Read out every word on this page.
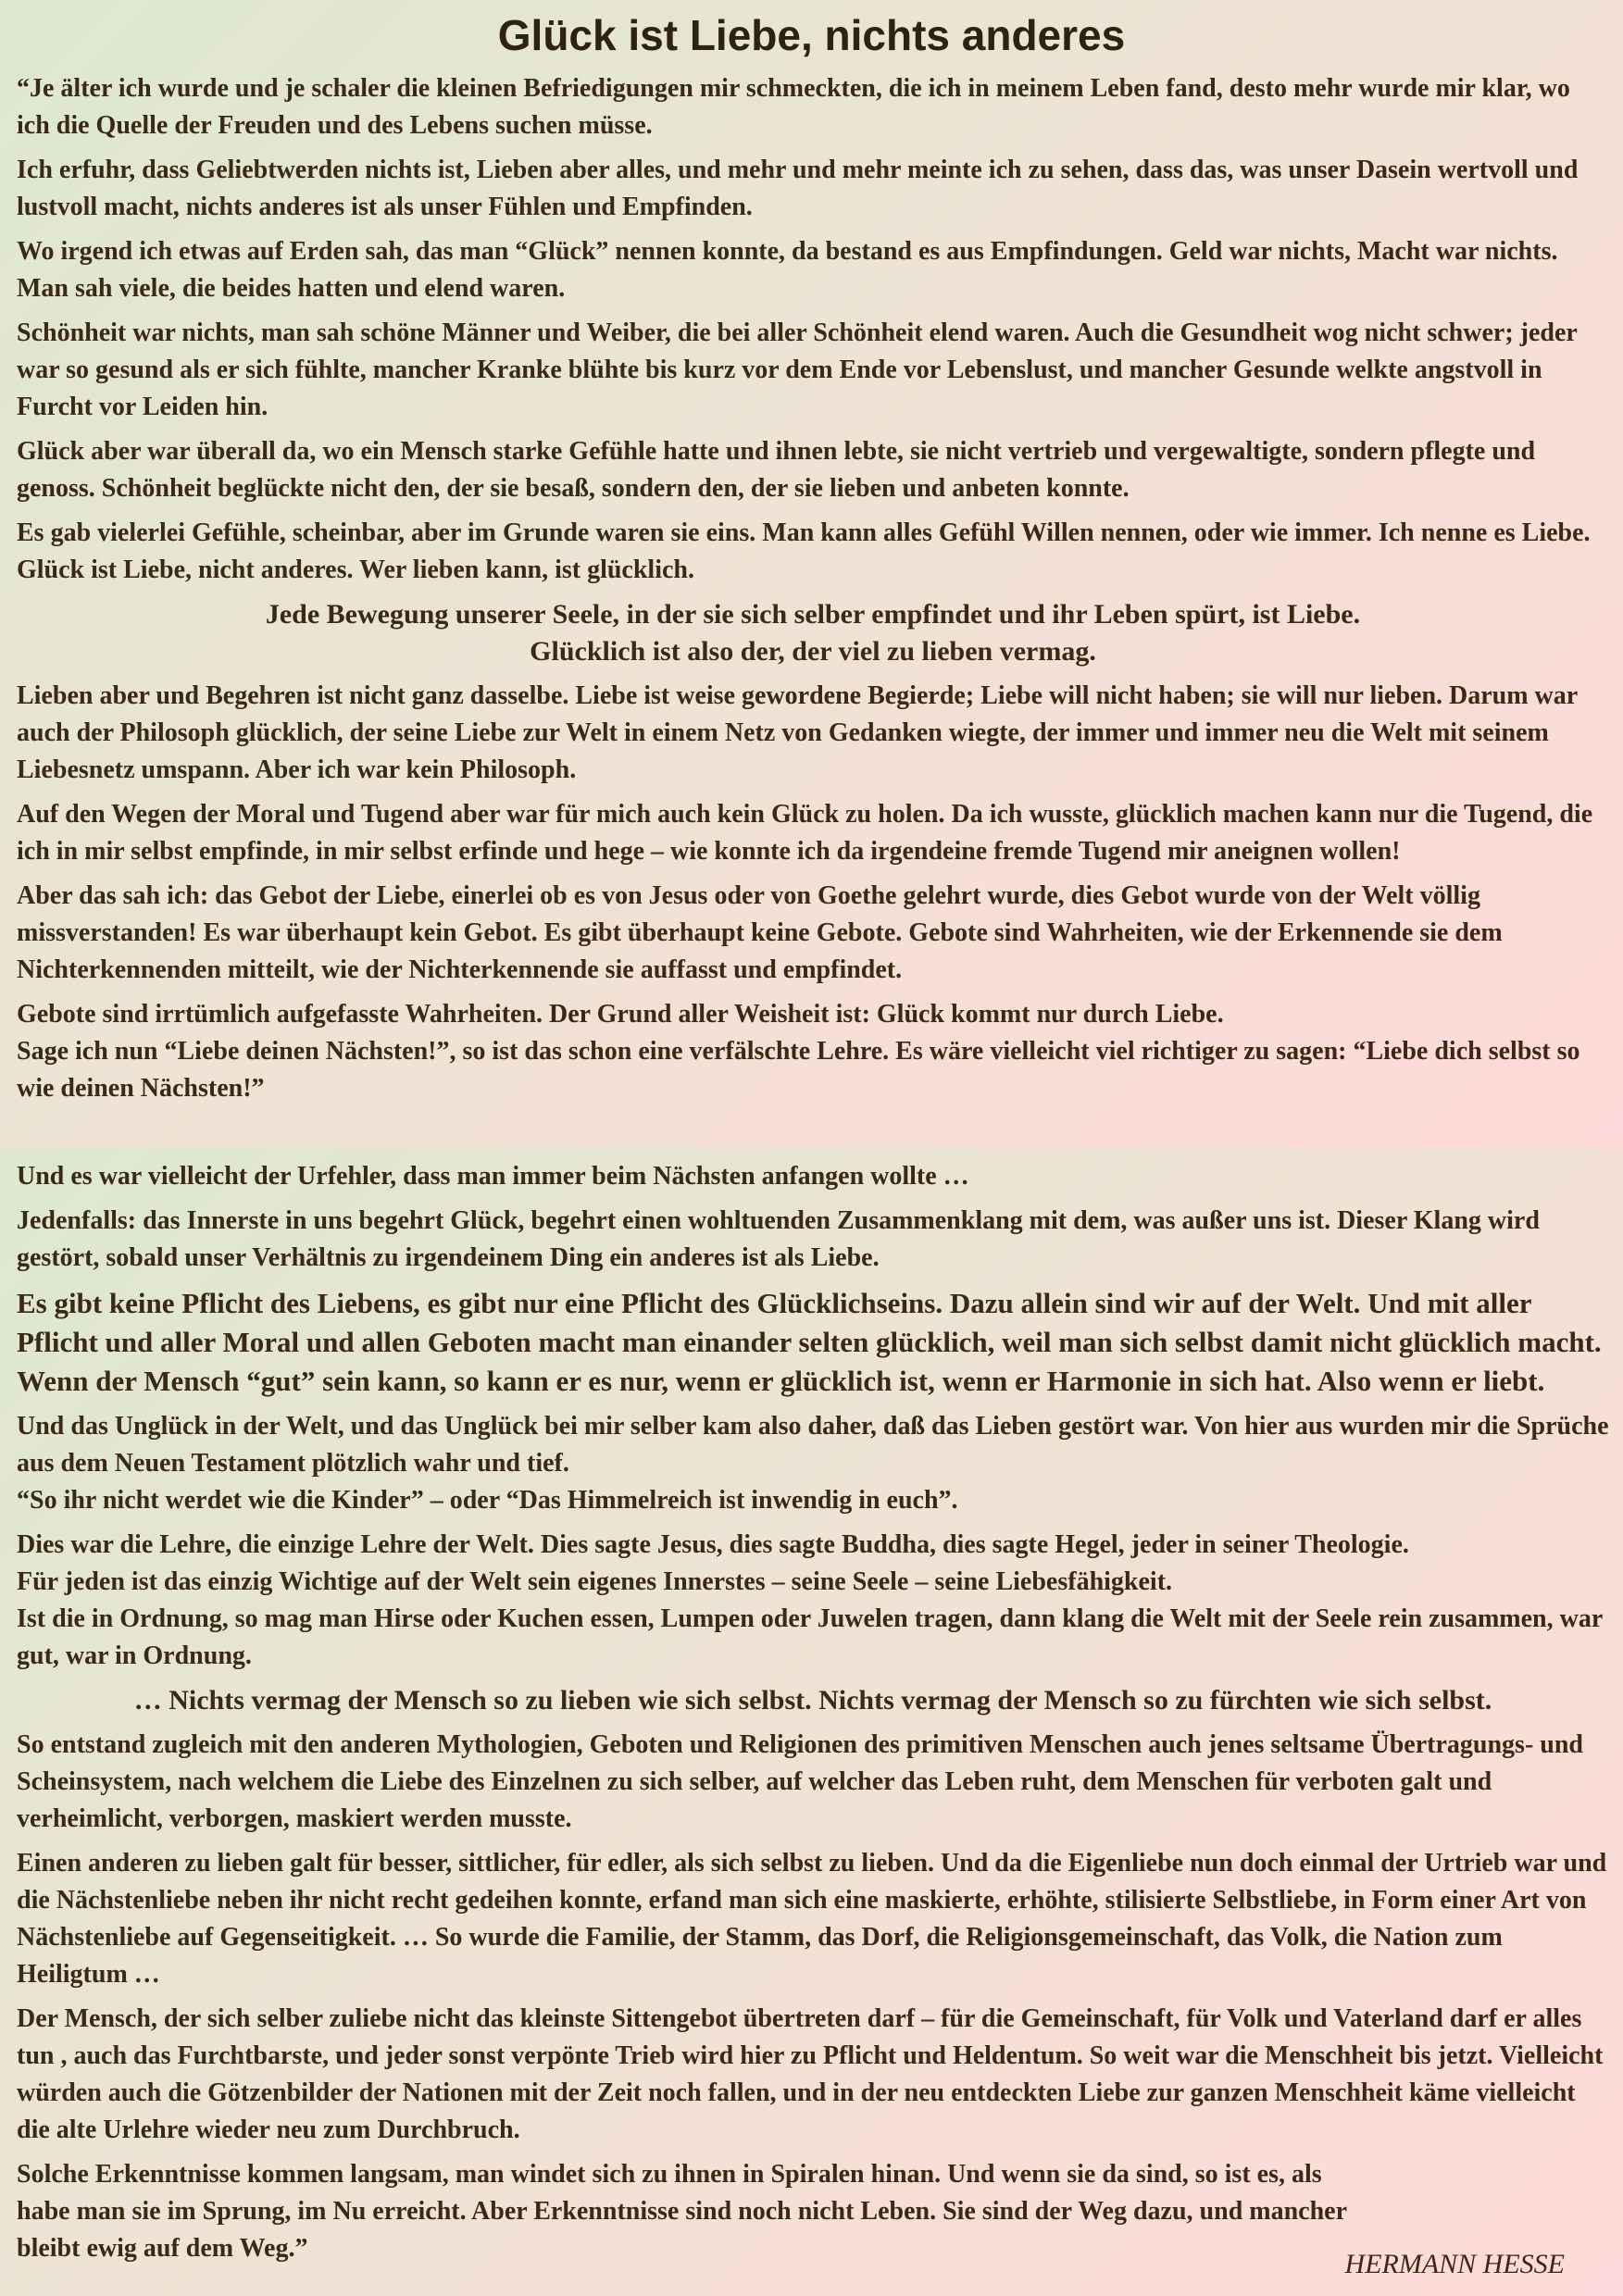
Glück ist Liebe, nichts anderes

“Je älter ich wurde und je schaler die kleinen Befriedigungen mir schmeckten, die ich in meinem Leben fand, desto mehr wurde mir klar, wo ich die Quelle der Freuden und des Lebens suchen müsse.

Ich erfuhr, dass Geliebtwerden nichts ist, Lieben aber alles, und mehr und mehr meinte ich zu sehen, dass das, was unser Dasein wertvoll und lustvoll macht, nichts anderes ist als unser Fühlen und Empfinden.

Wo irgend ich etwas auf Erden sah, das man “Glück” nennen konnte, da bestand es aus Empfindungen. Geld war nichts, Macht war nichts. Man sah viele, die beides hatten und elend waren.

Schönheit war nichts, man sah schöne Männer und Weiber, die bei aller Schönheit elend waren. Auch die Gesundheit wog nicht schwer; jeder war so gesund als er sich fühlte, mancher Kranke blühte bis kurz vor dem Ende vor Lebenslust, und mancher Gesunde welkte angstvoll in Furcht vor Leiden hin.

Glück aber war überall da, wo ein Mensch starke Gefühle hatte und ihnen lebte, sie nicht vertrieb und vergewaltigte, sondern pflegte und genoss. Schönheit beglückte nicht den, der sie besaß, sondern den, der sie lieben und anbeten konnte.

Es gab vielerlei Gefühle, scheinbar, aber im Grunde waren sie eins. Man kann alles Gefühl Willen nennen, oder wie immer. Ich nenne es Liebe. Glück ist Liebe, nicht anderes. Wer lieben kann, ist glücklich.

Jede Bewegung unserer Seele, in der sie sich selber empfindet und ihr Leben spürt, ist Liebe.

Glücklich ist also der, der viel zu lieben vermag.

Lieben aber und Begehren ist nicht ganz dasselbe. Liebe ist weise gewordene Begierde; Liebe will nicht haben; sie will nur lieben. Darum war auch der Philosoph glücklich, der seine Liebe zur Welt in einem Netz von Gedanken wiegte, der immer und immer neu die Welt mit seinem Liebesnetz umspann. Aber ich war kein Philosoph.

Auf den Wegen der Moral und Tugend aber war für mich auch kein Glück zu holen. Da ich wusste, glücklich machen kann nur die Tugend, die ich in mir selbst empfinde, in mir selbst erfinde und hege – wie konnte ich da irgendeine fremde Tugend mir aneignen wollen!

Aber das sah ich: das Gebot der Liebe, einerlei ob es von Jesus oder von Goethe gelehrt wurde, dies Gebot wurde von der Welt völlig missverstanden! Es war überhaupt kein Gebot. Es gibt überhaupt keine Gebote. Gebote sind Wahrheiten, wie der Erkennende sie dem Nichterkennenden mitteilt, wie der Nichterkennende sie auffasst und empfindet.

Gebote sind irrtümlich aufgefasste Wahrheiten. Der Grund aller Weisheit ist: Glück kommt nur durch Liebe.

Sage ich nun “Liebe deinen Nächsten!”, so ist das schon eine verfälschte Lehre. Es wäre vielleicht viel richtiger zu sagen: “Liebe dich selbst so wie deinen Nächsten!”

Und es war vielleicht der Urfehler, dass man immer beim Nächsten anfangen wollte …

Jedenfalls: das Innerste in uns begehrt Glück, begehrt einen wohltuenden Zusammenklang mit dem, was außer uns ist. Dieser Klang wird gestört, sobald unser Verhältnis zu irgendeinem Ding ein anderes ist als Liebe.

Es gibt keine Pflicht des Liebens, es gibt nur eine Pflicht des Glücklichseins. Dazu allein sind wir auf der Welt. Und mit aller Pflicht und aller Moral und allen Geboten macht man einander selten glücklich, weil man sich selbst damit nicht glücklich macht. Wenn der Mensch “gut” sein kann, so kann er es nur, wenn er glücklich ist, wenn er Harmonie in sich hat. Also wenn er liebt.

Und das Unglück in der Welt, und das Unglück bei mir selber kam also daher, daß das Lieben gestört war. Von hier aus wurden mir die Sprüche aus dem Neuen Testament plötzlich wahr und tief.

“So ihr nicht werdet wie die Kinder” – oder “Das Himmelreich ist inwendig in euch”.

Dies war die Lehre, die einzige Lehre der Welt. Dies sagte Jesus, dies sagte Buddha, dies sagte Hegel, jeder in seiner Theologie.

Für jeden ist das einzig Wichtige auf der Welt sein eigenes Innerstes – seine Seele – seine Liebesfähigkeit.

Ist die in Ordnung, so mag man Hirse oder Kuchen essen, Lumpen oder Juwelen tragen, dann klang die Welt mit der Seele rein zusammen, war gut, war in Ordnung.

… Nichts vermag der Mensch so zu lieben wie sich selbst. Nichts vermag der Mensch so zu fürchten wie sich selbst.

So entstand zugleich mit den anderen Mythologien, Geboten und Religionen des primitiven Menschen auch jenes seltsame Übertragungs- und Scheinsystem, nach welchem die Liebe des Einzelnen zu sich selber, auf welcher das Leben ruht, dem Menschen für verboten galt und verheimlicht, verborgen, maskiert werden musste.

Einen anderen zu lieben galt für besser, sittlicher, für edler, als sich selbst zu lieben. Und da die Eigenliebe nun doch einmal der Urtrieb war und die Nächstenliebe neben ihr nicht recht gedeihen konnte, erfand man sich eine maskierte, erhöhte, stilisierte Selbstliebe, in Form einer Art von Nächstenliebe auf Gegenseitigkeit. … So wurde die Familie, der Stamm, das Dorf, die Religionsgemeinschaft, das Volk, die Nation zum Heiligtum …

Der Mensch, der sich selber zuliebe nicht das kleinste Sittengebot übertreten darf – für die Gemeinschaft, für Volk und Vaterland darf er alles tun , auch das Furchtbarste, und jeder sonst verpönte Trieb wird hier zu Pflicht und Heldentum. So weit war die Menschheit bis jetzt. Vielleicht würden auch die Götzenbilder der Nationen mit der Zeit noch fallen, und in der neu entdeckten Liebe zur ganzen Menschheit käme vielleicht die alte Urlehre wieder neu zum Durchbruch.

Solche Erkenntnisse kommen langsam, man windet sich zu ihnen in Spiralen hinan. Und wenn sie da sind, so ist es, als habe man sie im Sprung, im Nu erreicht. Aber Erkenntnisse sind noch nicht Leben. Sie sind der Weg dazu, und mancher bleibt ewig auf dem Weg.”

HERMANN HESSE
